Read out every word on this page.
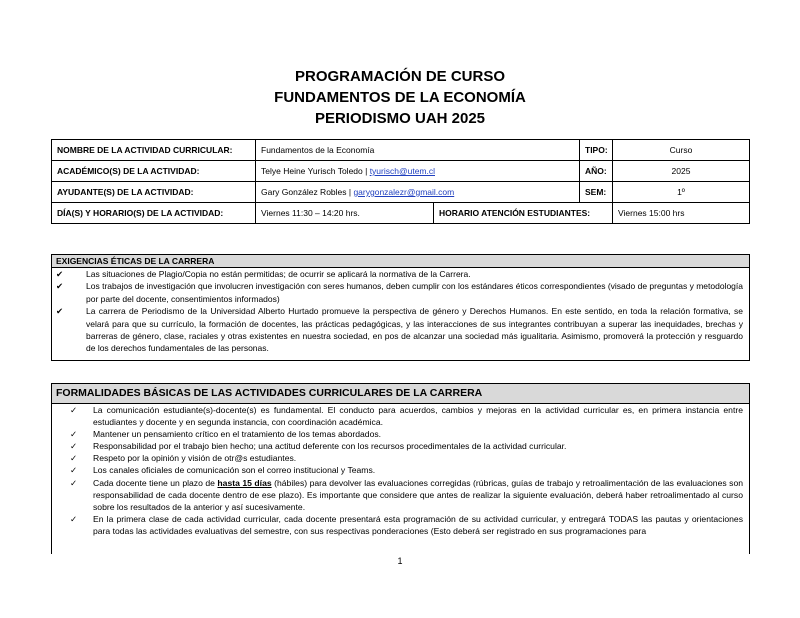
PROGRAMACIÓN DE CURSO
FUNDAMENTOS DE LA ECONOMÍA
PERIODISMO UAH 2025
NOMBRE DE LA ACTIVIDAD CURRICULAR:	Fundamentos de la Economía		TIPO:	Curso
ACADÉMICO(S) DE LA ACTIVIDAD:	Telye Heine Yurisch Toledo | tyurisch@utem.cl		AÑO:	2025
AYUDANTE(S) DE LA ACTIVIDAD:	Gary González Robles | garygonzalezr@gmail.com		SEM:	1º
DÍA(S) Y HORARIO(S) DE LA ACTIVIDAD:	Viernes 11:30 – 14:20 hrs.	HORARIO ATENCIÓN ESTUDIANTES:		Viernes 15:00 hrs
EXIGENCIAS ÉTICAS DE LA CARRERA
✔	Las situaciones de Plagio/Copia no están permitidas; de ocurrir se aplicará la normativa de la Carrera.
✔	Los trabajos de investigación que involucren investigación con seres humanos, deben cumplir con los estándares éticos correspondientes (visado de preguntas y metodología por parte del docente, consentimientos informados)
✔	La carrera de Periodismo de la Universidad Alberto Hurtado promueve la perspectiva de género y Derechos Humanos. En este sentido, en toda la relación formativa, se velará para que su currículo, la formación de docentes, las prácticas pedagógicas, y las interacciones de sus integrantes contribuyan a superar las inequidades, brechas y barreras de género, clase, raciales y otras existentes en nuestra sociedad, en pos de alcanzar una sociedad más igualitaria. Asimismo, promoverá la protección y resguardo de los derechos fundamentales de las personas.
FORMALIDADES BÁSICAS DE LAS ACTIVIDADES CURRICULARES DE LA CARRERA
✓	La comunicación estudiante(s)-docente(s) es fundamental. El conducto para acuerdos, cambios y mejoras en la actividad curricular es, en primera instancia entre estudiantes y docente y en segunda instancia, con coordinación académica.
✓	Mantener un pensamiento crítico en el tratamiento de los temas abordados.
✓	Responsabilidad por el trabajo bien hecho; una actitud deferente con los recursos procedimentales de la actividad curricular.
✓	Respeto por la opinión y visión de otr@s estudiantes.
✓	Los canales oficiales de comunicación son el correo institucional y Teams.
✓	Cada docente tiene un plazo de hasta 15 días (hábiles) para devolver las evaluaciones corregidas (rúbricas, guías de trabajo y retroalimentación de las evaluaciones son responsabilidad de cada docente dentro de ese plazo). Es importante que considere que antes de realizar la siguiente evaluación, deberá haber retroalimentado al curso sobre los resultados de la anterior y así sucesivamente.
✓	En la primera clase de cada actividad curricular, cada docente presentará esta programación de su actividad curricular, y entregará TODAS las pautas y orientaciones para todas las actividades evaluativas del semestre, con sus respectivas ponderaciones (Esto deberá ser registrado en sus programaciones para
1
